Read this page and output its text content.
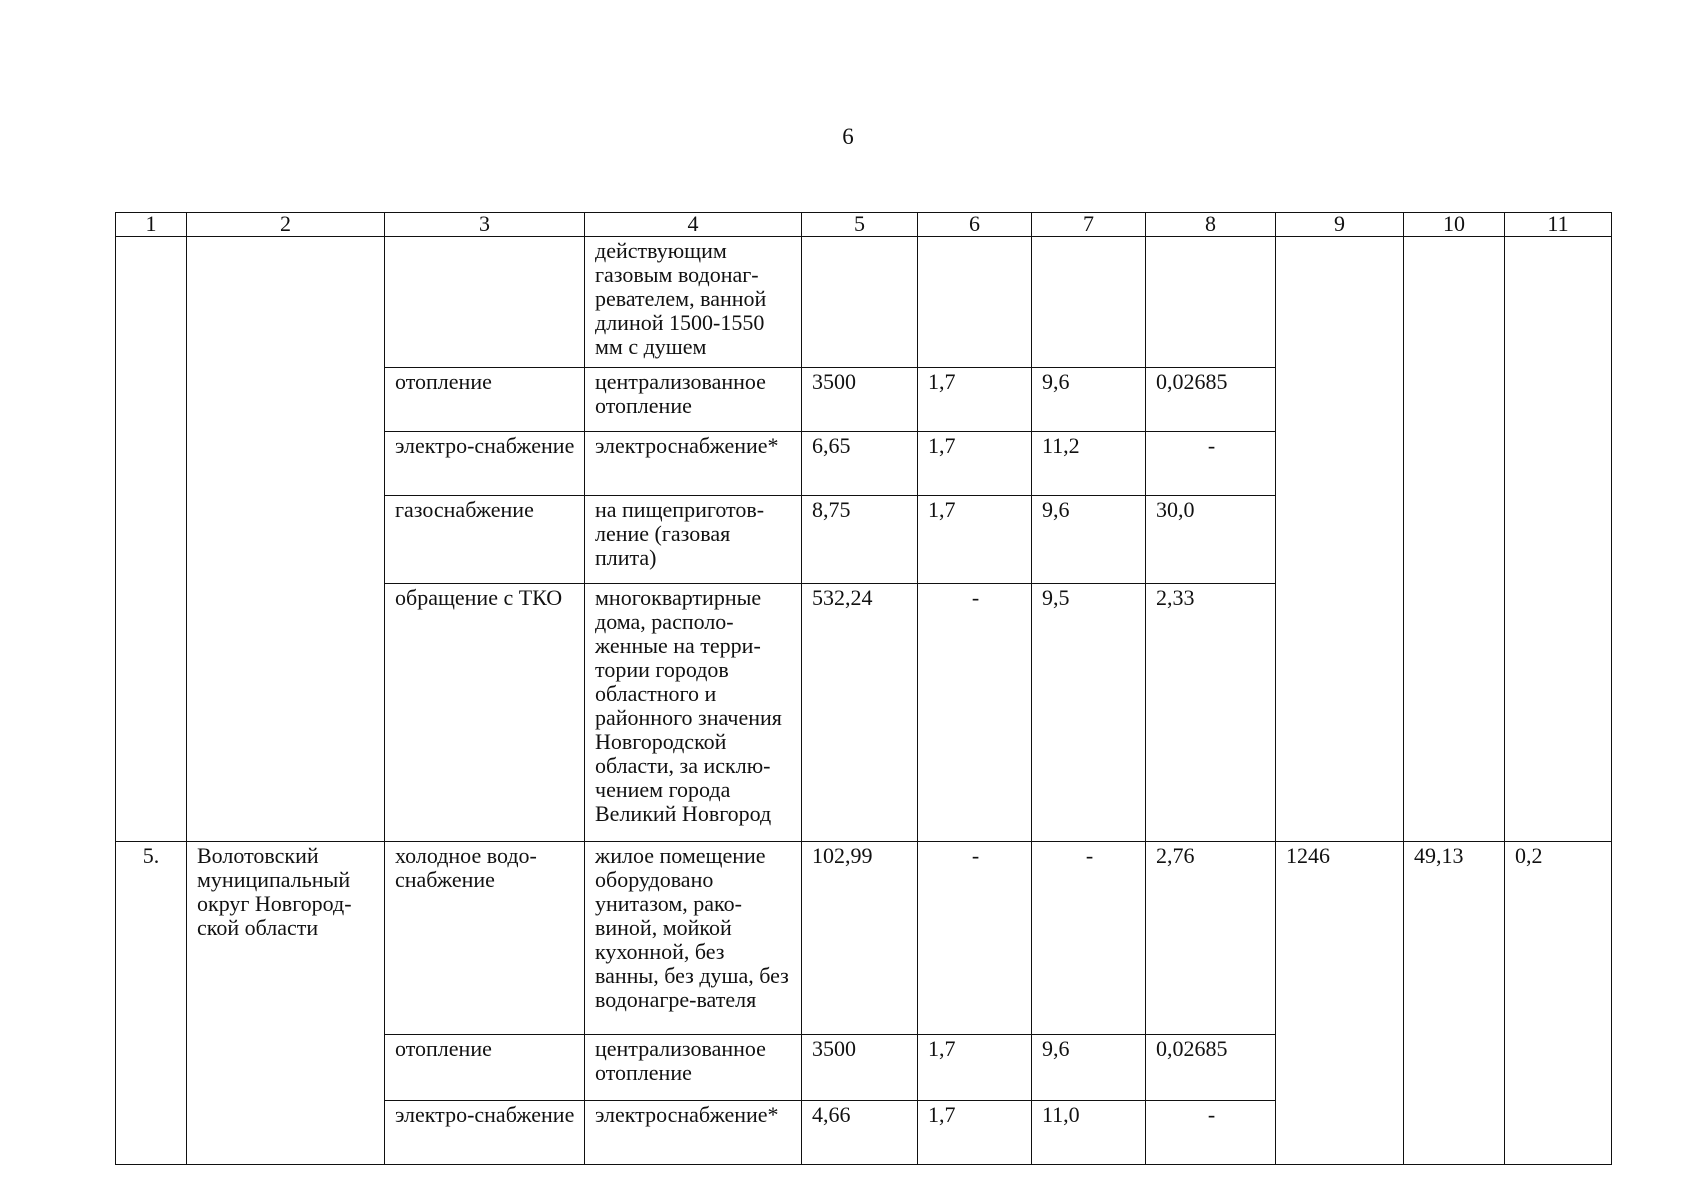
6
1	2	3	4	5	6	7	8	9	10	11
			действующим газовым водонаг-ревателем, ванной длиной 1500-1550 мм с душем							
		отопление	централизованное отопление	3500	1,7	9,6	0,02685			
		электро-снабжение	электроснабжение*	6,65	1,7	11,2	-			
		газоснабжение	на пищеприготов-ление (газовая плита)	8,75	1,7	9,6	30,0			
		обращение с ТКО	многоквартирные дома, располо-женные на терри-тории городов областного и районного значения Новгородской области, за исклю-чением города Великий Новгород	532,24	-	9,5	2,33			
5.	Волотовский муниципальный округ Новгород-ской области	холодное водо-снабжение	жилое помещение оборудовано унитазом, рако-виной, мойкой кухонной, без ванны, без душа, без водонагре-вателя	102,99	-	-	2,76	1246	49,13	0,2
		отопление	централизованное отопление	3500	1,7	9,6	0,02685			
		электро-снабжение	электроснабжение*	4,66	1,7	11,0	-			
